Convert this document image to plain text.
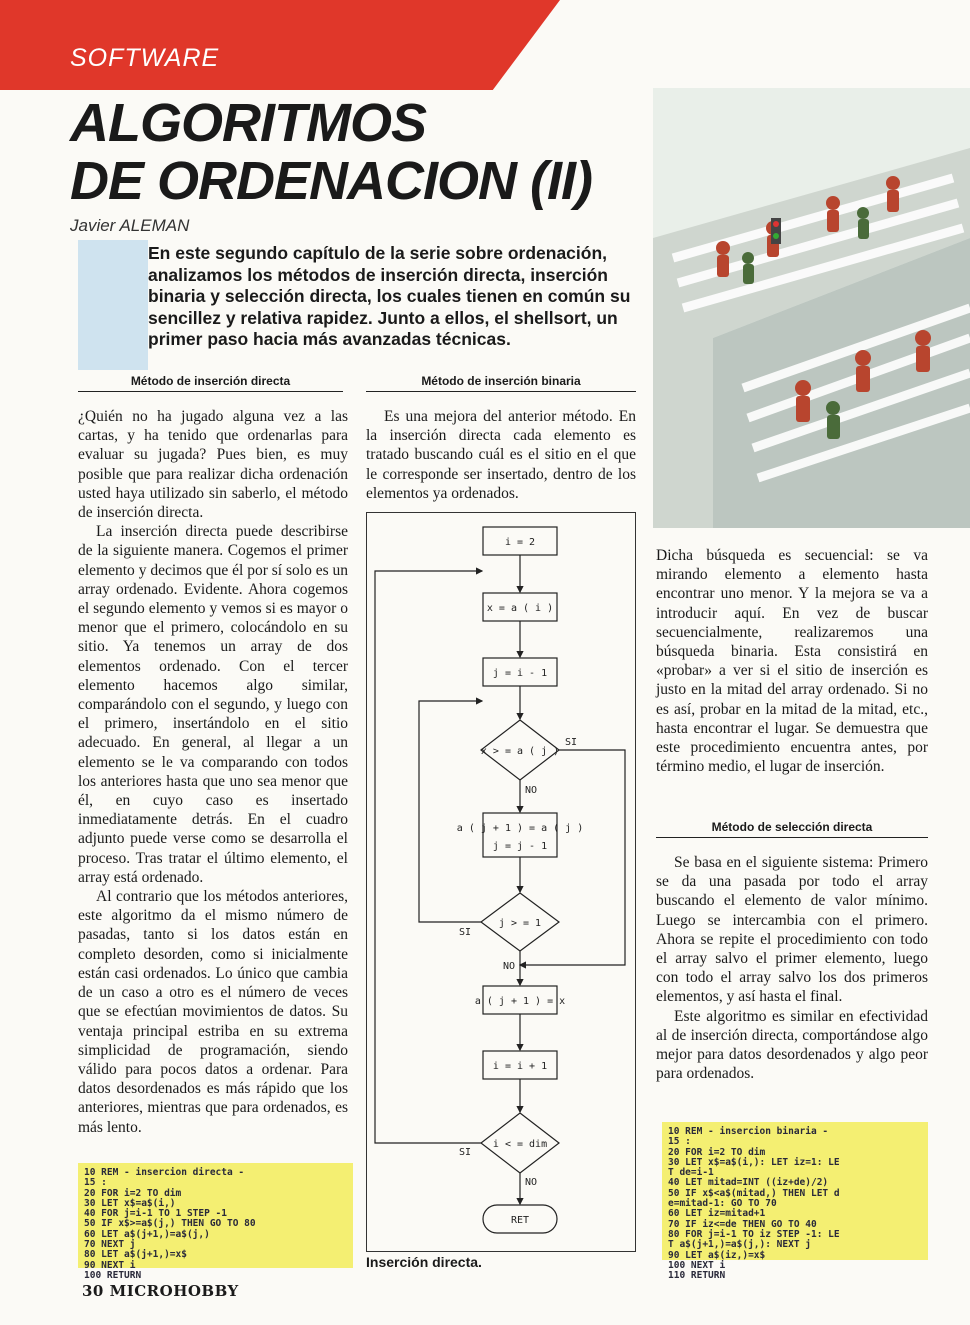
SOFTWARE
ALGORITMOS
DE ORDENACION (II)
Javier ALEMAN
En este segundo capítulo de la serie sobre ordenación, analizamos los métodos de inserción directa, inserción binaria y selección directa, los cuales tienen en común su sencillez y relativa rapidez. Junto a ellos, el shellsort, un primer paso hacia más avanzadas técnicas.
Método de inserción directa

¿Quién no ha jugado alguna vez a las cartas, y ha tenido que ordenarlas para evaluar su jugada? Pues bien, es muy posible que para realizar dicha ordenación usted haya utilizado sin saberlo, el método de inserción directa.

La inserción directa puede describirse de la siguiente manera. Cogemos el primer elemento y decimos que él por sí solo es un array ordenado. Evidente. Ahora cogemos el segundo elemento y vemos si es mayor o menor que el primero, colocándolo en su sitio. Ya tenemos un array de dos elementos ordenado. Con el tercer elemento hacemos algo similar, comparándolo con el segundo, y luego con el primero, insertándolo en el sitio adecuado. En general, al llegar a un elemento se le va comparando con todos los anteriores hasta que uno sea menor que él, en cuyo caso es insertado inmediatamente detrás. En el cuadro adjunto puede verse como se desarrolla el proceso. Tras tratar el último elemento, el array está ordenado.

Al contrario que los métodos anteriores, este algoritmo da el mismo número de pasadas, tanto si los datos están en completo desorden, como si inicialmente están casi ordenados. Lo único que cambia de un caso a otro es el número de veces que se efectúan movimientos de datos. Su ventaja principal estriba en su extrema simplicidad de programación, siendo válido para pocos datos a ordenar. Para datos desordenados es más rápido que los anteriores, mientras que para ordenados, es más lento.

10 REM - insercion directa -
15 :
20 FOR i=2 TO dim
30 LET x$=a$(i,)
40 FOR j=i-1 TO 1 STEP -1
50 IF x$>=a$(j,) THEN GO TO 80
60 LET a$(j+1,)=a$(j,)
70 NEXT j
80 LET a$(j+1,)=x$
90 NEXT i
100 RETURN
Método de inserción binaria

Es una mejora del anterior método. En la inserción directa cada elemento es tratado buscando cuál es el sitio en el que le corresponde ser insertado, dentro de los elementos ya ordenados.

i = 2
x = a ( i )
j = i - 1
x > = a ( j )
a ( j + 1 ) = a ( j )
j = j - 1
j > = 1
a ( j + 1 ) = x
i = i + 1
i < = dim
RET
SI
NO
SI
NO
SI
NO
Inserción directa.

Dicha búsqueda es secuencial: se va mirando elemento a elemento hasta encontrar uno menor. Y la mejora se va a introducir aquí. En vez de buscar secuencialmente, realizaremos una búsqueda binaria. Esta consistirá en «probar» a ver si el sitio de inserción es justo en la mitad del array ordenado. Si no es así, probar en la mitad de la mitad, etc., hasta encontrar el lugar. Se demuestra que este procedimiento encuentra antes, por término medio, el lugar de inserción.

Método de selección directa

Se basa en el siguiente sistema: Primero se da una pasada por todo el array buscando el elemento de valor mínimo. Luego se intercambia con el primero. Ahora se repite el procedimiento con todo el array salvo el primer elemento, luego con todo el array salvo los dos primeros elementos, y así hasta el final.

Este algoritmo es similar en efectividad al de inserción directa, comportándose algo mejor para datos desordenados y algo peor para ordenados.

10 REM - insercion binaria -
15 :
20 FOR i=2 TO dim
30 LET x$=a$(i,): LET iz=1: LE
T de=i-1
40 LET mitad=INT ((iz+de)/2)
50 IF x$<a$(mitad,) THEN LET d
e=mitad-1: GO TO 70
60 LET iz=mitad+1
70 IF iz<=de THEN GO TO 40
80 FOR j=i-1 TO iz STEP -1: LE
T a$(j+1,)=a$(j,): NEXT j
90 LET a$(iz,)=x$
100 NEXT i
110 RETURN
30 MICROHOBBY
